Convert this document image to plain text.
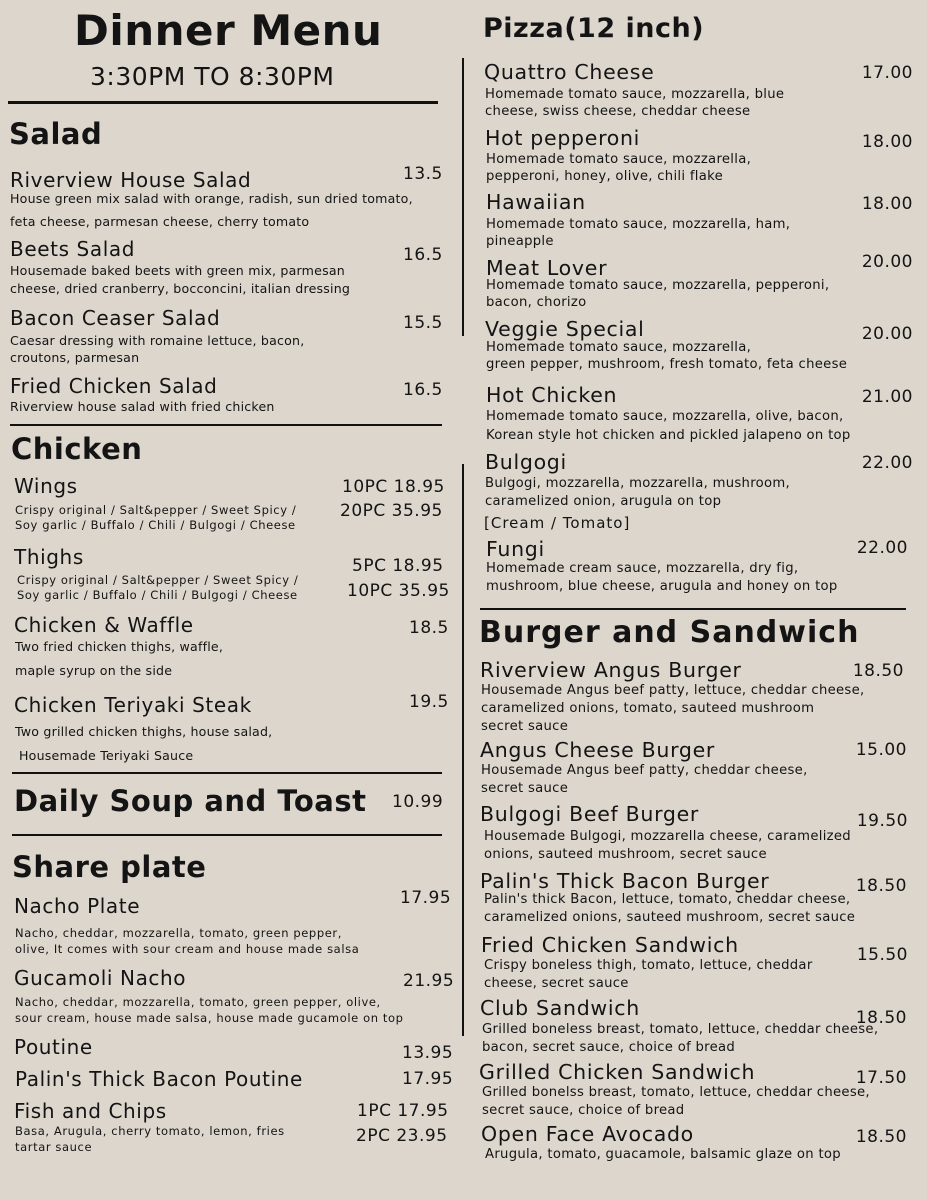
Dinner Menu
3:30PM TO 8:30PM
Salad
Riverview House Salad	13.5
House green mix salad with orange, radish, sun dried tomato,
feta cheese, parmesan cheese, cherry tomato
Beets Salad	16.5
Housemade baked beets with green mix, parmesan
cheese, dried cranberry, bocconcini, italian dressing
Bacon Ceaser Salad	15.5
Caesar dressing with romaine lettuce, bacon,
croutons, parmesan
Fried Chicken Salad	16.5
Riverview house salad with fried chicken
Chicken
Wings	10PC 18.95
20PC 35.95
Crispy original / Salt&pepper / Sweet Spicy /
Soy garlic / Buffalo / Chili / Bulgogi / Cheese
Thighs	5PC 18.95
10PC 35.95
Crispy original / Salt&pepper / Sweet Spicy /
Soy garlic / Buffalo / Chili / Bulgogi / Cheese
Chicken & Waffle	18.5
Two fried chicken thighs, waffle,
maple syrup on the side
Chicken Teriyaki Steak	19.5
Two grilled chicken thighs, house salad,
Housemade Teriyaki Sauce
Daily Soup and Toast 10.99
Share plate
Nacho Plate	17.95
Nacho, cheddar, mozzarella, tomato, green pepper,
olive, It comes with sour cream and house made salsa
Gucamoli Nacho	21.95
Nacho, cheddar, mozzarella, tomato, green pepper, olive,
sour cream, house made salsa, house made gucamole on top
Poutine	13.95
Palin's Thick Bacon Poutine	17.95
Fish and Chips	1PC 17.95
2PC 23.95
Basa, Arugula, cherry tomato, lemon, fries
tartar sauce
Pizza(12 inch)
Quattro Cheese	17.00
Homemade tomato sauce, mozzarella, blue
cheese, swiss cheese, cheddar cheese
Hot pepperoni	18.00
Homemade tomato sauce, mozzarella,
pepperoni, honey, olive, chili flake
Hawaiian	18.00
Homemade tomato sauce, mozzarella, ham,
pineapple
Meat Lover	20.00
Homemade tomato sauce, mozzarella, pepperoni,
bacon, chorizo
Veggie Special	20.00
Homemade tomato sauce, mozzarella,
green pepper, mushroom, fresh tomato, feta cheese
Hot Chicken	21.00
Homemade tomato sauce, mozzarella, olive, bacon,
Korean style hot chicken and pickled jalapeno on top
Bulgogi	22.00
Bulgogi, mozzarella, mozzarella, mushroom,
caramelized onion, arugula on top
[Cream / Tomato]
Fungi	22.00
Homemade cream sauce, mozzarella, dry fig,
mushroom, blue cheese, arugula and honey on top
Burger and Sandwich
Riverview Angus Burger	18.50
Housemade Angus beef patty, lettuce, cheddar cheese,
caramelized onions, tomato, sauteed mushroom
secret sauce
Angus Cheese Burger	15.00
Housemade Angus beef patty, cheddar cheese,
secret sauce
Bulgogi Beef Burger	19.50
Housemade Bulgogi, mozzarella cheese, caramelized
onions, sauteed mushroom, secret sauce
Palin's Thick Bacon Burger	18.50
Palin's thick Bacon, lettuce, tomato, cheddar cheese,
caramelized onions, sauteed mushroom, secret sauce
Fried Chicken Sandwich	15.50
Crispy boneless thigh, tomato, lettuce, cheddar
cheese, secret sauce
Club Sandwich	18.50
Grilled boneless breast, tomato, lettuce, cheddar cheese,
bacon, secret sauce, choice of bread
Grilled Chicken Sandwich	17.50
Grilled bonelss breast, tomato, lettuce, cheddar cheese,
secret sauce, choice of bread
Open Face Avocado	18.50
Arugula, tomato, guacamole, balsamic glaze on top
